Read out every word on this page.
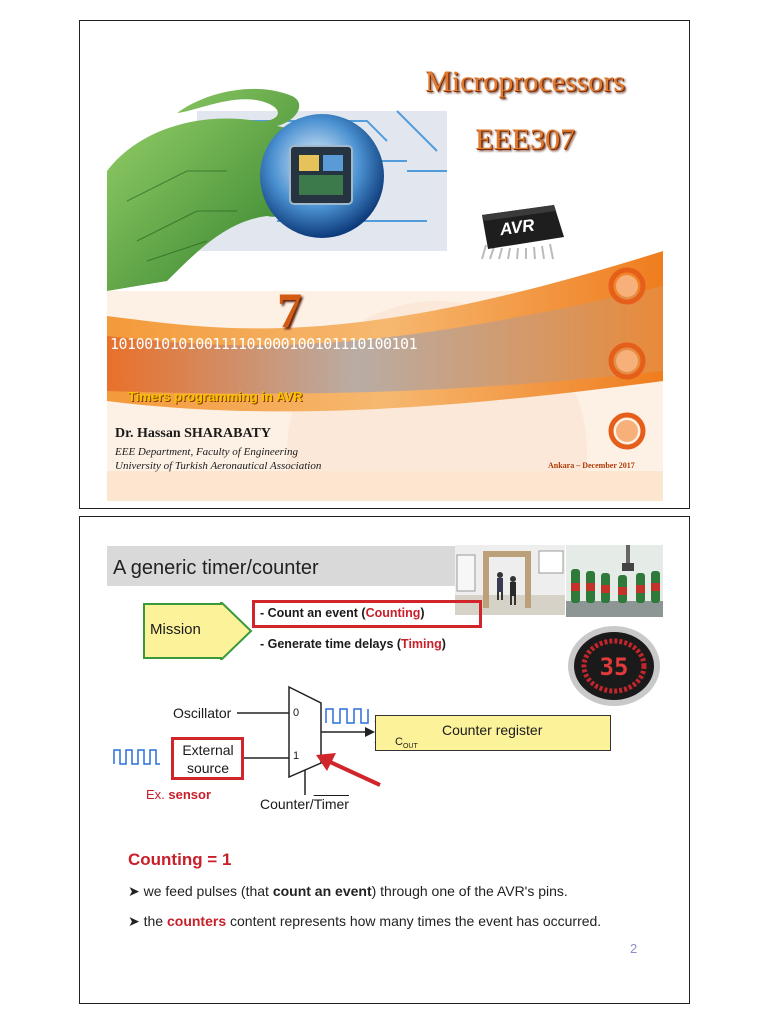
AVR
Microprocessors
EEE307
7
101001010100111101000100101110100101
Timers programming in AVR
Dr. Hassan SHARABATY
EEE Department, Faculty of Engineering
University of Turkish Aeronautical Association	Ankara – December 2017
A generic timer/counter
35
Mission
- Count an event (Counting)
- Generate time delays (Timing)
Counter register
$C_{OUT}$
Oscillator	0
1
External source
Ex. sensor
Counter/Timer
Counting = 1
➤ we feed pulses (that count an event) through one of the AVR's pins.
➤ the counters content represents how many times the event has occurred.
2
